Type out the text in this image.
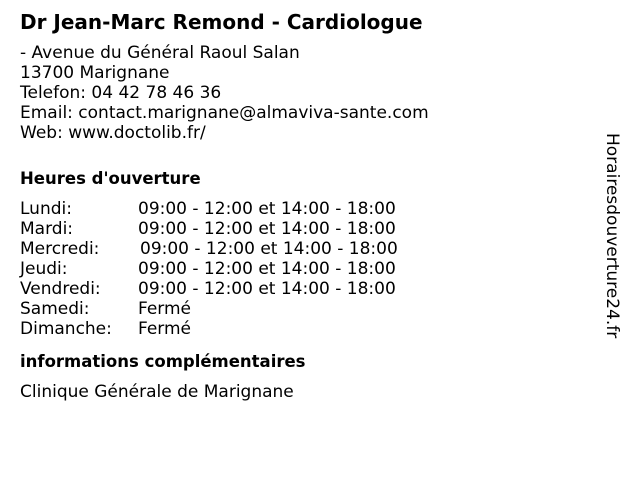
Dr Jean-Marc Remond - Cardiologue
- Avenue du Général Raoul Salan
13700 Marignane
Telefon: 04 42 78 46 36
Email: contact.marignane@almaviva-sante.com
Web: www.doctolib.fr/
Heures d'ouverture
Lundi:	09:00 - 12:00 et 14:00 - 18:00
Mardi:	09:00 - 12:00 et 14:00 - 18:00
Mercredi:	09:00 - 12:00 et 14:00 - 18:00
Jeudi:	09:00 - 12:00 et 14:00 - 18:00
Vendredi:	09:00 - 12:00 et 14:00 - 18:00
Samedi:	Fermé
Dimanche:	Fermé
informations complémentaires
Clinique Générale de Marignane
Horairesdouverture24.fr
